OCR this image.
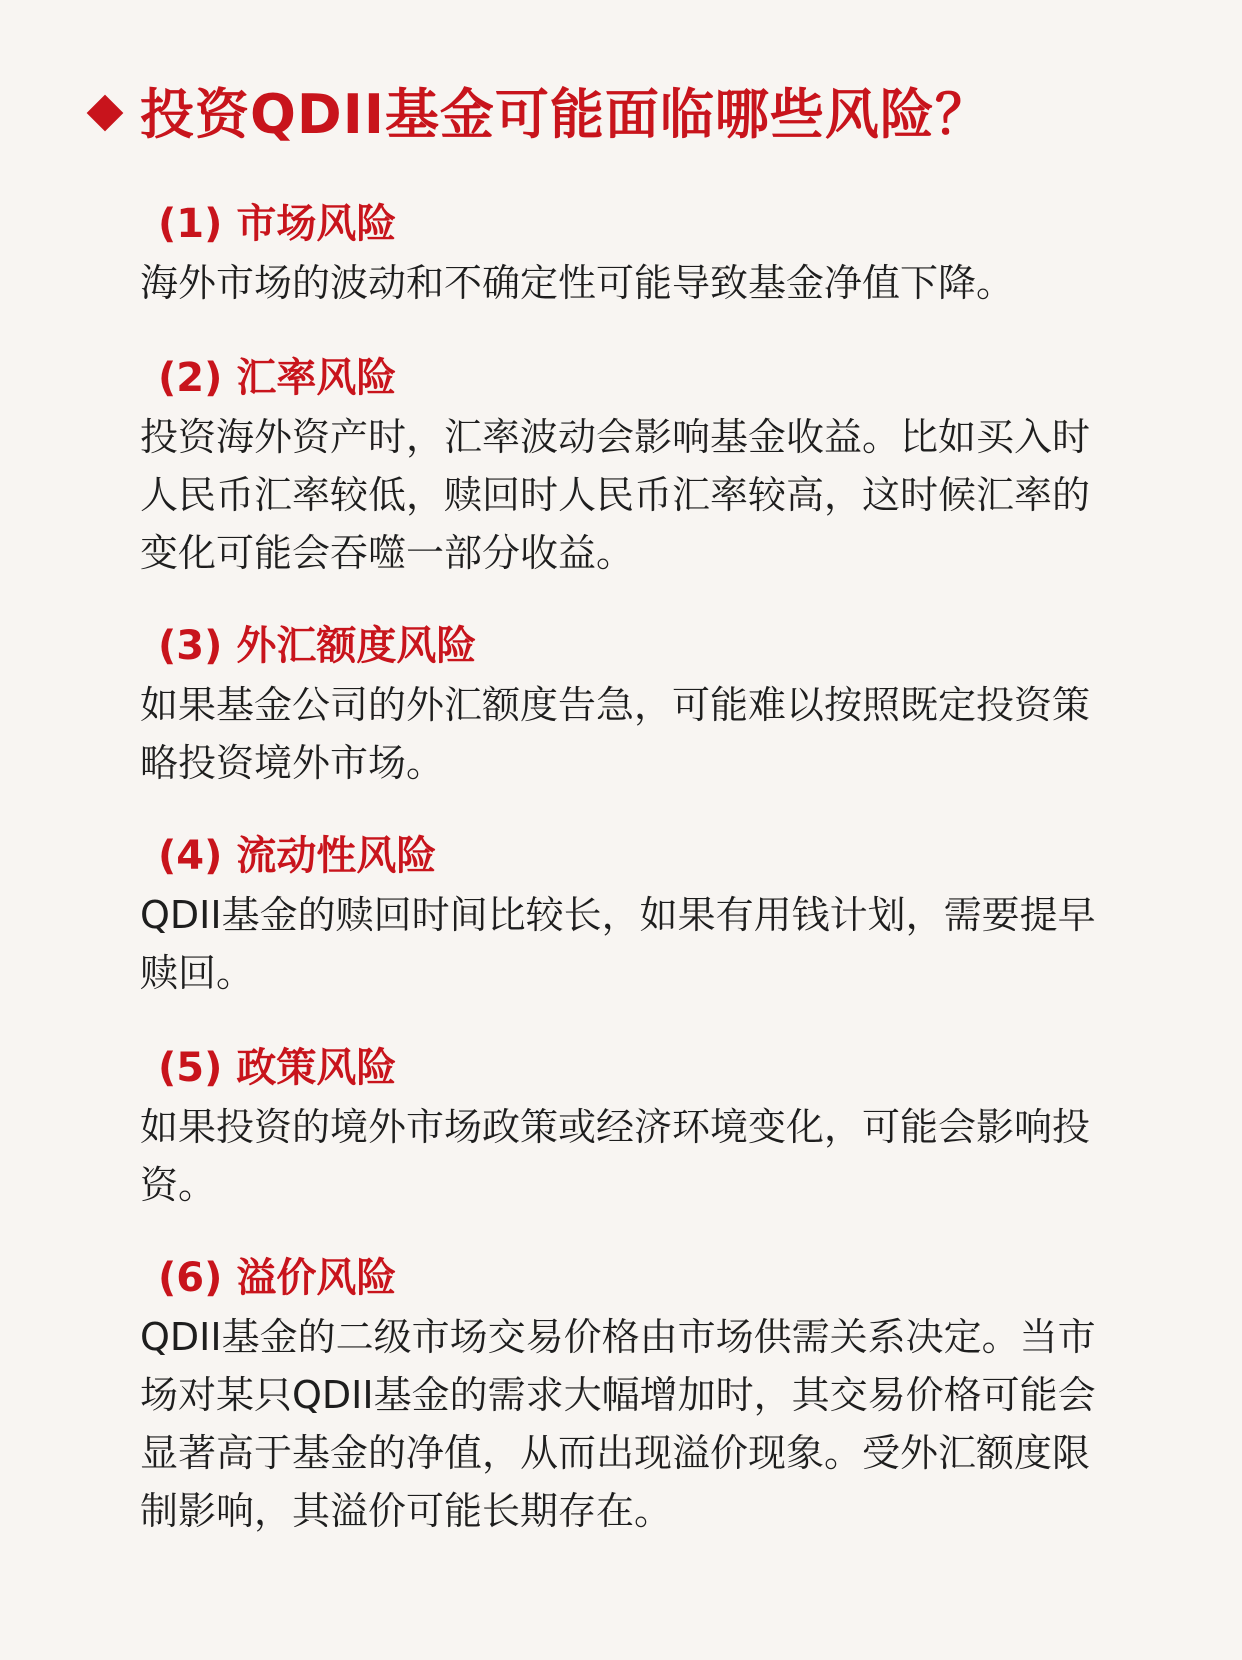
投资QDII基金可能面临哪些风险？
(1) 市场风险
海外市场的波动和不确定性可能导致基金净值下降。
(2) 汇率风险
投资海外资产时，汇率波动会影响基金收益。比如买入时
人民币汇率较低，赎回时人民币汇率较高，这时候汇率的
变化可能会吞噬一部分收益。
(3) 外汇额度风险
如果基金公司的外汇额度告急，可能难以按照既定投资策
略投资境外市场。
(4) 流动性风险
QDII基金的赎回时间比较长，如果有用钱计划，需要提早
赎回。
(5) 政策风险
如果投资的境外市场政策或经济环境变化，可能会影响投
资。
(6) 溢价风险
QDII基金的二级市场交易价格由市场供需关系决定。当市
场对某只QDII基金的需求大幅增加时，其交易价格可能会
显著高于基金的净值，从而出现溢价现象。受外汇额度限
制影响，其溢价可能长期存在。
